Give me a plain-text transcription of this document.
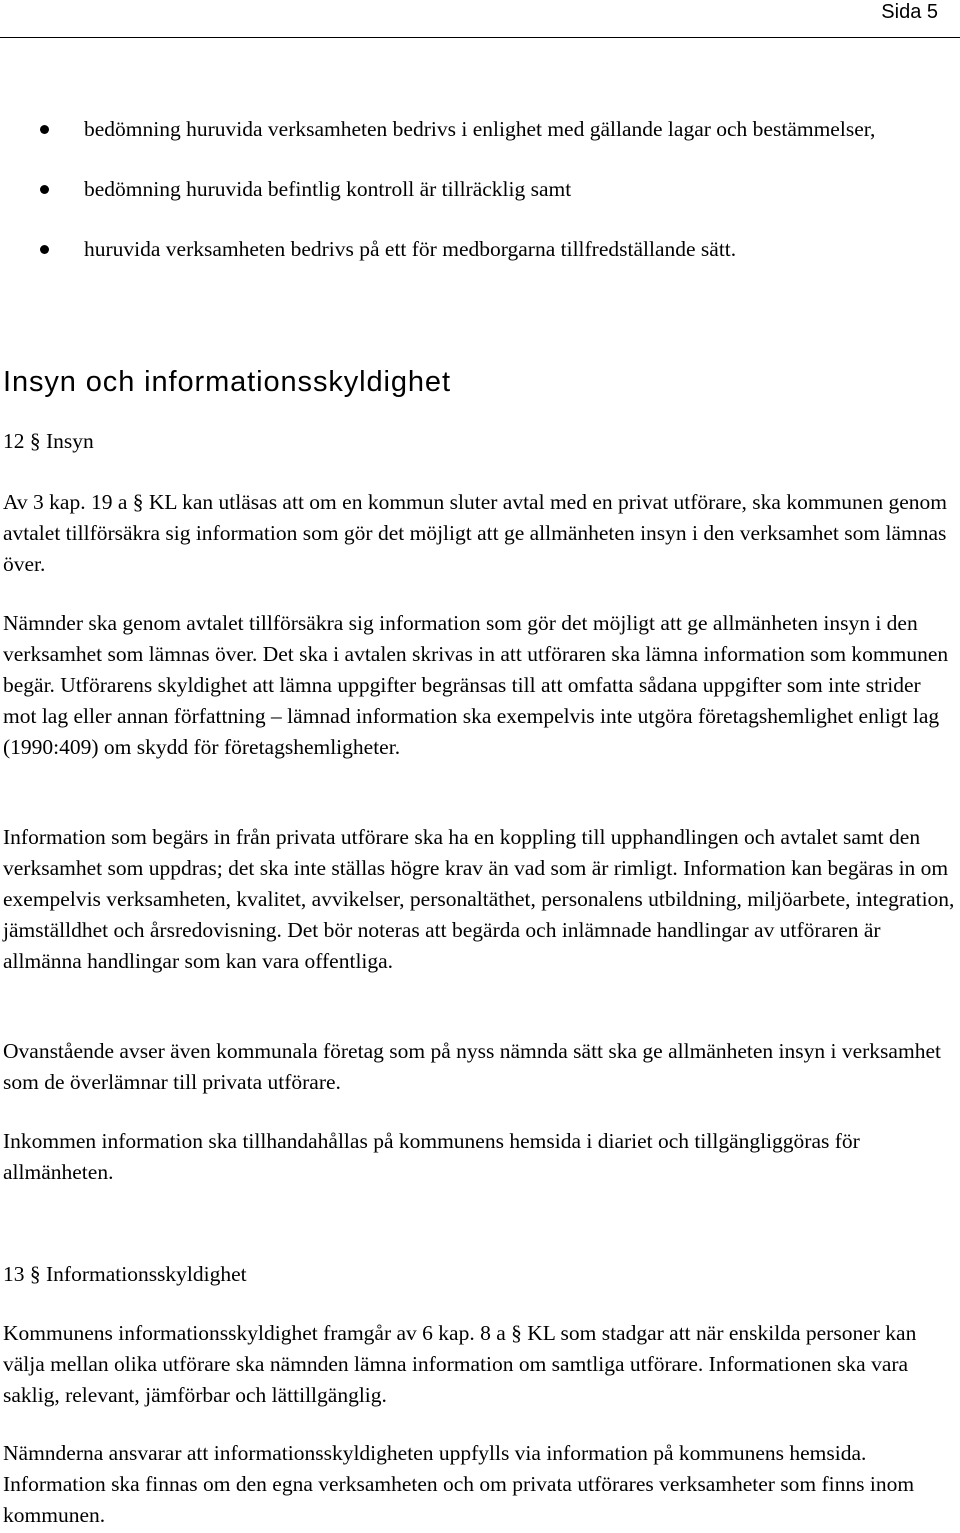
Sida 5
bedömning huruvida verksamheten bedrivs i enlighet med gällande lagar och bestämmelser,
bedömning huruvida befintlig kontroll är tillräcklig samt
huruvida verksamheten bedrivs på ett för medborgarna tillfredställande sätt.
Insyn och informationsskyldighet

12 § Insyn

Av 3 kap. 19 a § KL kan utläsas att om en kommun sluter avtal med en privat utförare, ska kommunen genom avtalet tillförsäkra sig information som gör det möjligt att ge allmänheten insyn i den verksamhet som lämnas över.

Nämnder ska genom avtalet tillförsäkra sig information som gör det möjligt att ge allmänheten insyn i den verksamhet som lämnas över. Det ska i avtalen skrivas in att utföraren ska lämna information som kommunen begär. Utförarens skyldighet att lämna uppgifter begränsas till att omfatta sådana uppgifter som inte strider mot lag eller annan författning – lämnad information ska exempelvis inte utgöra företagshemlighet enligt lag (1990:409) om skydd för företagshemligheter.

Information som begärs in från privata utförare ska ha en koppling till upphandlingen och avtalet samt den verksamhet som uppdras; det ska inte ställas högre krav än vad som är rimligt. Information kan begäras in om exempelvis verksamheten, kvalitet, avvikelser, personaltäthet, personalens utbildning, miljöarbete, integration, jämställdhet och årsredovisning. Det bör noteras att begärda och inlämnade handlingar av utföraren är allmänna handlingar som kan vara offentliga.

Ovanstående avser även kommunala företag som på nyss nämnda sätt ska ge allmänheten insyn i verksamhet som de överlämnar till privata utförare.

Inkommen information ska tillhandahållas på kommunens hemsida i diariet och tillgängliggöras för allmänheten.

13 § Informationsskyldighet

Kommunens informationsskyldighet framgår av 6 kap. 8 a § KL som stadgar att när enskilda personer kan välja mellan olika utförare ska nämnden lämna information om samtliga utförare. Informationen ska vara saklig, relevant, jämförbar och lättillgänglig.

Nämnderna ansvarar att informationsskyldigheten uppfylls via information på kommunens hemsida. Information ska finnas om den egna verksamheten och om privata utförares verksamheter som finns inom kommunen.
